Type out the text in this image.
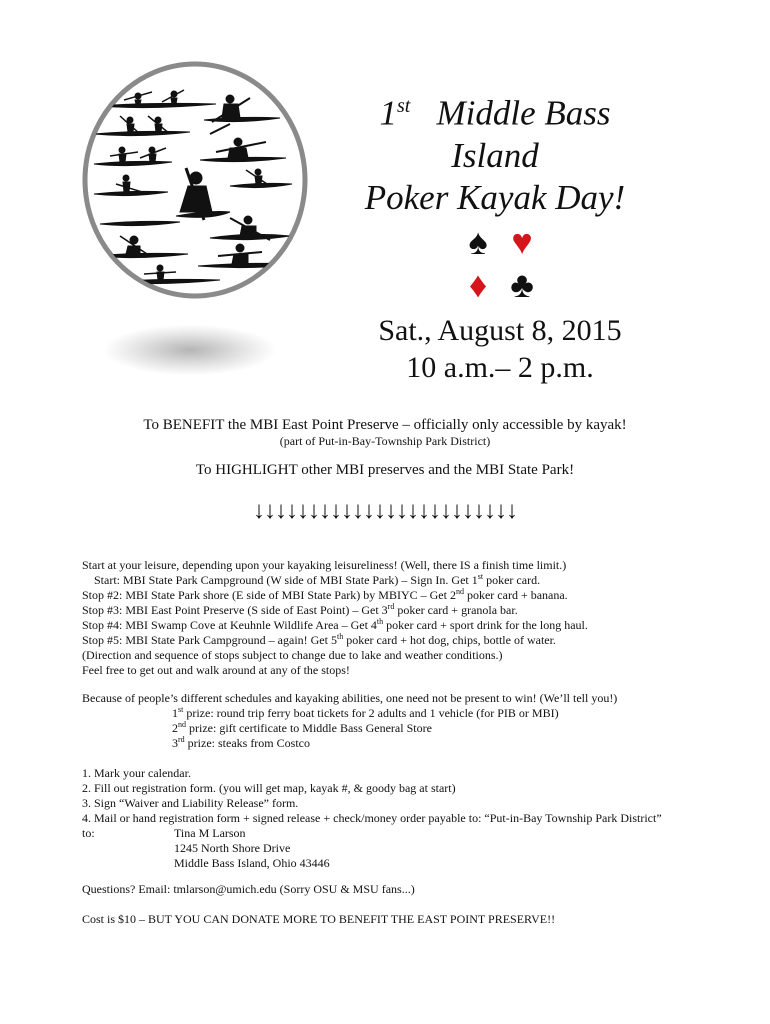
1st Middle Bass
Island
Poker Kayak Day!
♠ ♥
♦ ♣
Sat., August 8, 2015
10 a.m.– 2 p.m.
To BENEFIT the MBI East Point Preserve – officially only accessible by kayak!
(part of Put-in-Bay-Township Park District)
To HIGHLIGHT other MBI preserves and the MBI State Park!
↓↓↓↓↓↓↓↓↓↓↓↓↓↓↓↓↓↓↓↓↓↓↓↓
Start at your leisure, depending upon your kayaking leisureliness! (Well, there IS a finish time limit.)
Start: MBI State Park Campground (W side of MBI State Park) – Sign In. Get 1st poker card.
Stop #2: MBI State Park shore (E side of MBI State Park) by MBIYC – Get 2nd poker card + banana.
Stop #3: MBI East Point Preserve (S side of East Point) – Get 3rd poker card + granola bar.
Stop #4: MBI Swamp Cove at Keuhnle Wildlife Area – Get 4th poker card + sport drink for the long haul.
Stop #5: MBI State Park Campground – again! Get 5th poker card + hot dog, chips, bottle of water.
(Direction and sequence of stops subject to change due to lake and weather conditions.)
Feel free to get out and walk around at any of the stops!
Because of people’s different schedules and kayaking abilities, one need not be present to win! (We’ll tell you!)
1st prize: round trip ferry boat tickets for 2 adults and 1 vehicle (for PIB or MBI)
2nd prize: gift certificate to Middle Bass General Store
3rd prize: steaks from Costco
1. Mark your calendar.
2. Fill out registration form. (you will get map, kayak #, & goody bag at start)
3. Sign “Waiver and Liability Release” form.
4. Mail or hand registration form + signed release + check/money order payable to: “Put-in-Bay Township Park District”
to:	Tina M Larson
1245 North Shore Drive
Middle Bass Island, Ohio 43446
Questions? Email: tmlarson@umich.edu (Sorry OSU & MSU fans...)
Cost is $10 – BUT YOU CAN DONATE MORE TO BENEFIT THE EAST POINT PRESERVE!!
